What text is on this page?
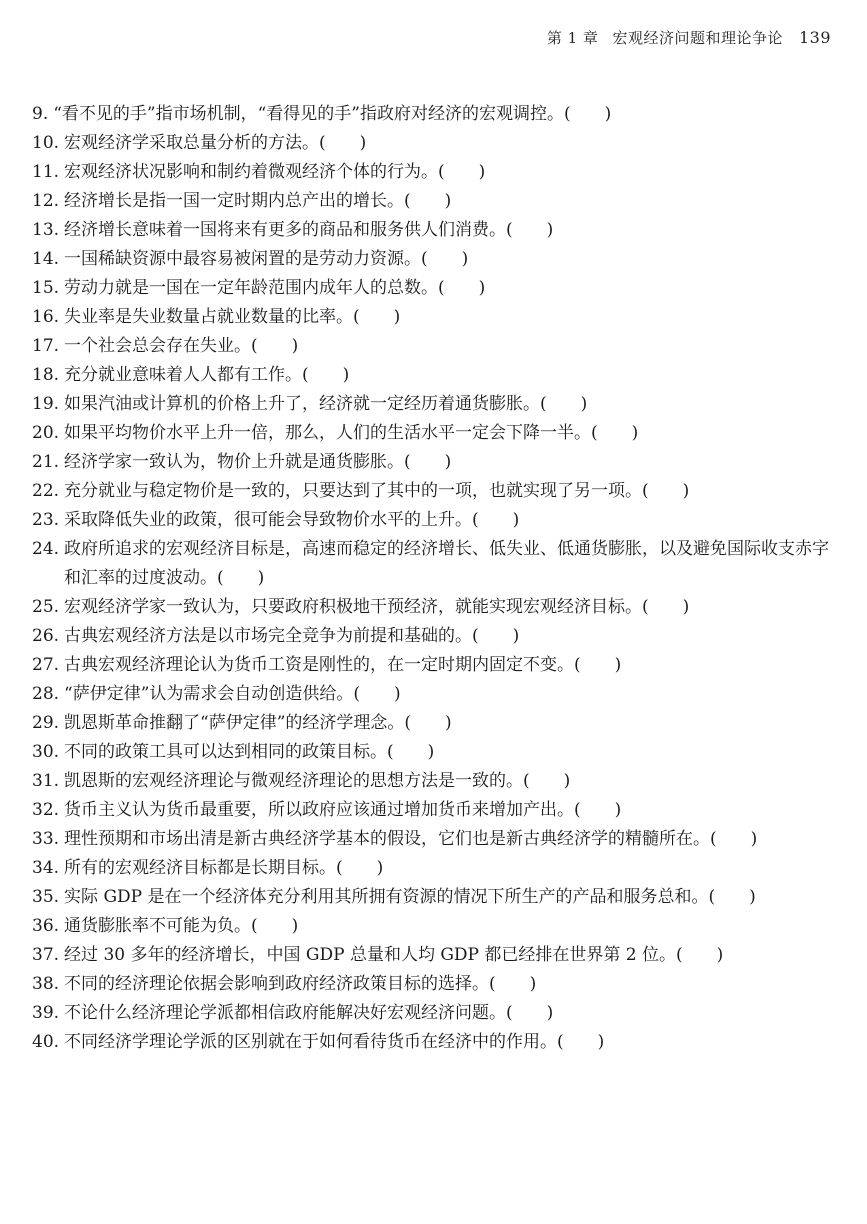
第 1 章 宏观经济问题和理论争论 139
9. “看不见的手”指市场机制，“看得见的手”指政府对经济的宏观调控。(　　)
10. 宏观经济学采取总量分析的方法。(　　)
11. 宏观经济状况影响和制约着微观经济个体的行为。(　　)
12. 经济增长是指一国一定时期内总产出的增长。(　　)
13. 经济增长意味着一国将来有更多的商品和服务供人们消费。(　　)
14. 一国稀缺资源中最容易被闲置的是劳动力资源。(　　)
15. 劳动力就是一国在一定年龄范围内成年人的总数。(　　)
16. 失业率是失业数量占就业数量的比率。(　　)
17. 一个社会总会存在失业。(　　)
18. 充分就业意味着人人都有工作。(　　)
19. 如果汽油或计算机的价格上升了，经济就一定经历着通货膨胀。(　　)
20. 如果平均物价水平上升一倍，那么，人们的生活水平一定会下降一半。(　　)
21. 经济学家一致认为，物价上升就是通货膨胀。(　　)
22. 充分就业与稳定物价是一致的，只要达到了其中的一项，也就实现了另一项。(　　)
23. 采取降低失业的政策，很可能会导致物价水平的上升。(　　)
24. 政府所追求的宏观经济目标是，高速而稳定的经济增长、低失业、低通货膨胀，以及避免国际收支赤字和汇率的过度波动。(　　)
25. 宏观经济学家一致认为，只要政府积极地干预经济，就能实现宏观经济目标。(　　)
26. 古典宏观经济方法是以市场完全竞争为前提和基础的。(　　)
27. 古典宏观经济理论认为货币工资是刚性的，在一定时期内固定不变。(　　)
28. “萨伊定律”认为需求会自动创造供给。(　　)
29. 凯恩斯革命推翻了“萨伊定律”的经济学理念。(　　)
30. 不同的政策工具可以达到相同的政策目标。(　　)
31. 凯恩斯的宏观经济理论与微观经济理论的思想方法是一致的。(　　)
32. 货币主义认为货币最重要，所以政府应该通过增加货币来增加产出。(　　)
33. 理性预期和市场出清是新古典经济学基本的假设，它们也是新古典经济学的精髓所在。(　　)
34. 所有的宏观经济目标都是长期目标。(　　)
35. 实际 GDP 是在一个经济体充分利用其所拥有资源的情况下所生产的产品和服务总和。(　　)
36. 通货膨胀率不可能为负。(　　)
37. 经过 30 多年的经济增长，中国 GDP 总量和人均 GDP 都已经排在世界第 2 位。(　　)
38. 不同的经济理论依据会影响到政府经济政策目标的选择。(　　)
39. 不论什么经济理论学派都相信政府能解决好宏观经济问题。(　　)
40. 不同经济学理论学派的区别就在于如何看待货币在经济中的作用。(　　)
